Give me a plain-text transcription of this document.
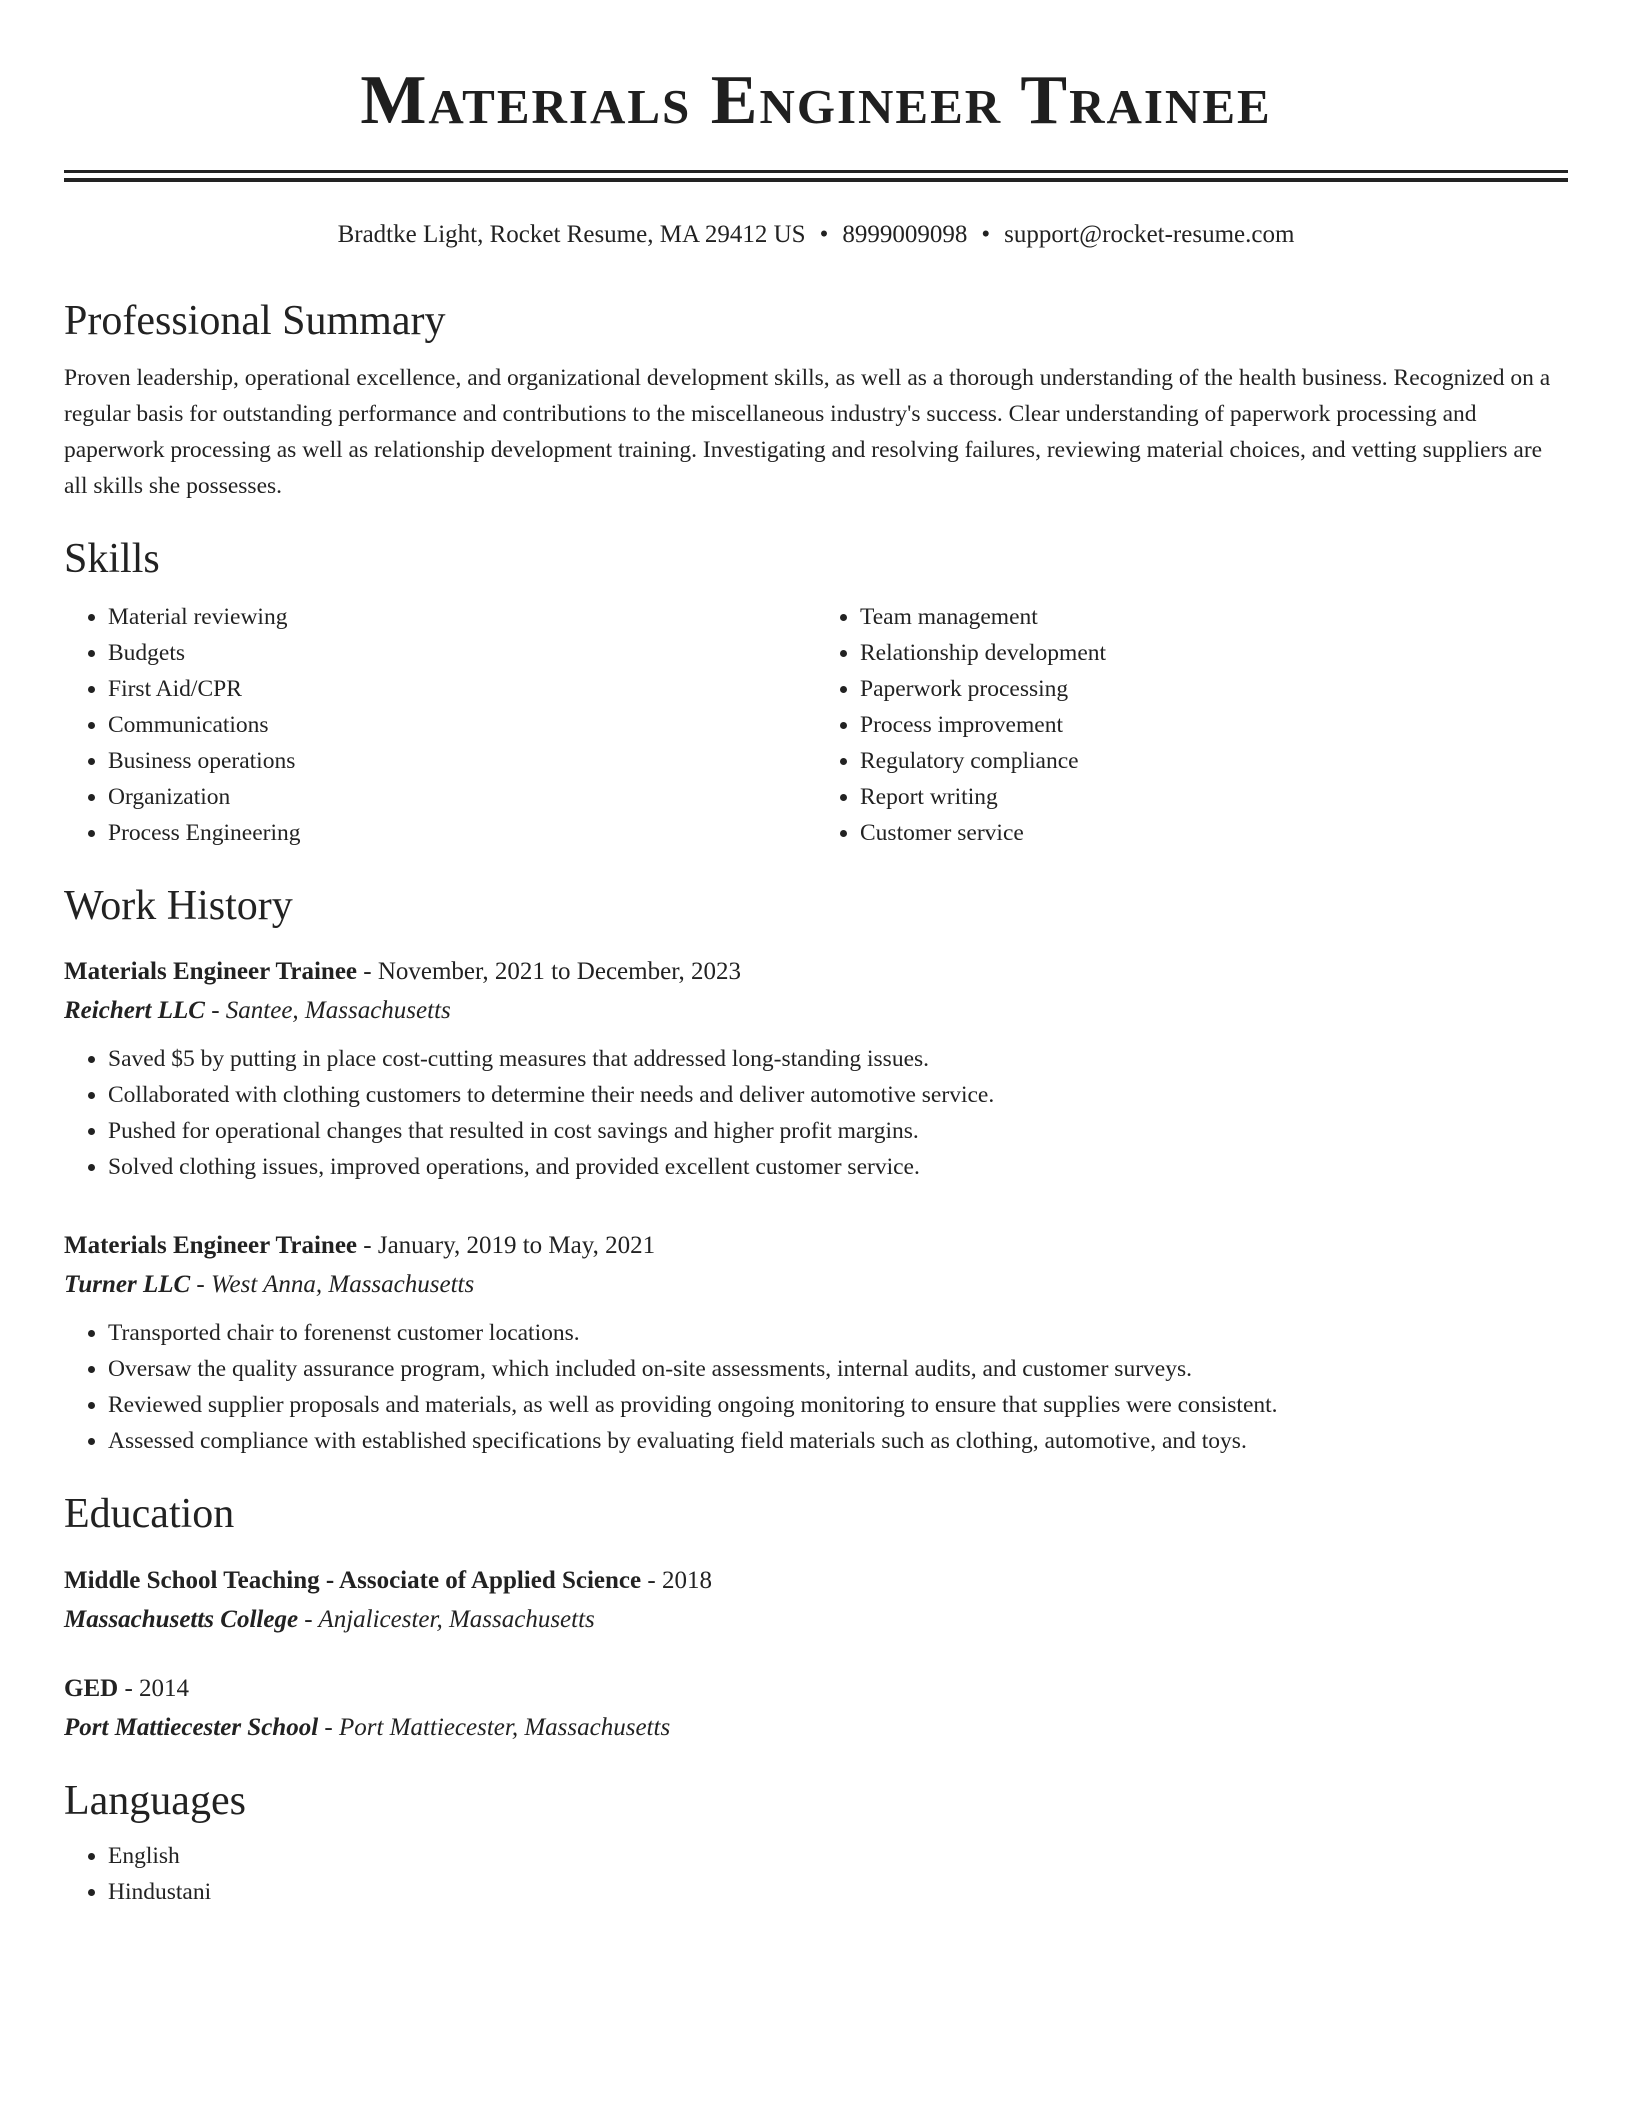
Materials Engineer Trainee
Bradtke Light, Rocket Resume, MA 29412 US • 8999009098 • support@rocket-resume.com
Professional Summary

Proven leadership, operational excellence, and organizational development skills, as well as a thorough understanding of the health business. Recognized on a regular basis for outstanding performance and contributions to the miscellaneous industry's success. Clear understanding of paperwork processing and paperwork processing as well as relationship development training. Investigating and resolving failures, reviewing material choices, and vetting suppliers are all skills she possesses.

Skills
• Material reviewing
• Budgets
• First Aid/CPR
• Communications
• Business operations
• Organization
• Process Engineering
• Team management
• Relationship development
• Paperwork processing
• Process improvement
• Regulatory compliance
• Report writing
• Customer service
Work History
Materials Engineer Trainee - November, 2021 to December, 2023
Reichert LLC - Santee, Massachusetts
• Saved $5 by putting in place cost-cutting measures that addressed long-standing issues.
• Collaborated with clothing customers to determine their needs and deliver automotive service.
• Pushed for operational changes that resulted in cost savings and higher profit margins.
• Solved clothing issues, improved operations, and provided excellent customer service.
Materials Engineer Trainee - January, 2019 to May, 2021
Turner LLC - West Anna, Massachusetts
• Transported chair to forenenst customer locations.
• Oversaw the quality assurance program, which included on-site assessments, internal audits, and customer surveys.
• Reviewed supplier proposals and materials, as well as providing ongoing monitoring to ensure that supplies were consistent.
• Assessed compliance with established specifications by evaluating field materials such as clothing, automotive, and toys.
Education
Middle School Teaching - Associate of Applied Science - 2018
Massachusetts College - Anjalicester, Massachusetts
GED - 2014
Port Mattiecester School - Port Mattiecester, Massachusetts
Languages
• English
• Hindustani
